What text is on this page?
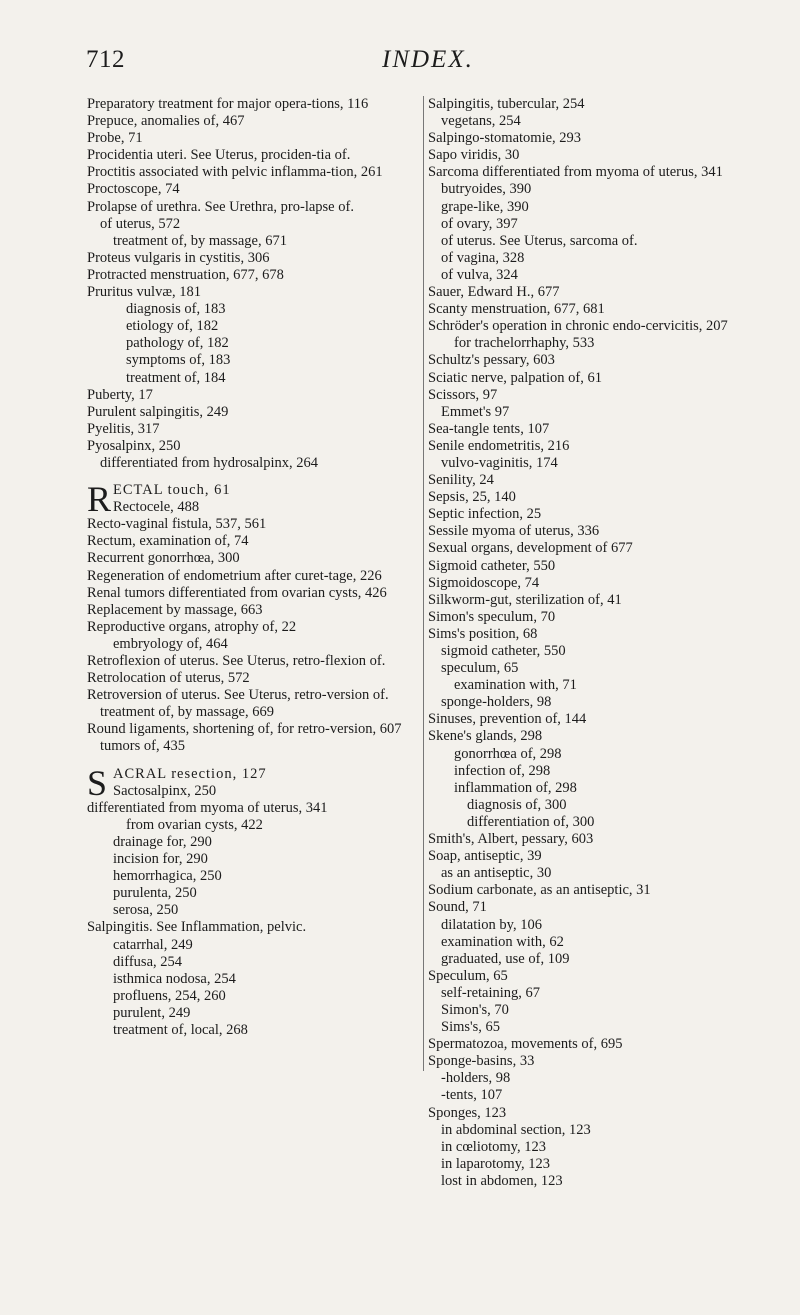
712	INDEX.
Preparatory treatment for major opera-tions, 116
Prepuce, anomalies of, 467
Probe, 71
Procidentia uteri. See Uterus, prociden-tia of.
Proctitis associated with pelvic inflamma-tion, 261
Proctoscope, 74
Prolapse of urethra. See Urethra, pro-lapse of.
of uterus, 572
treatment of, by massage, 671
Proteus vulgaris in cystitis, 306
Protracted menstruation, 677, 678
Pruritus vulvæ, 181
diagnosis of, 183
etiology of, 182
pathology of, 182
symptoms of, 183
treatment of, 184
Puberty, 17
Purulent salpingitis, 249
Pyelitis, 317
Pyosalpinx, 250
differentiated from hydrosalpinx, 264
R ECTAL touch, 61
Rectocele, 488
Recto-vaginal fistula, 537, 561
Rectum, examination of, 74
Recurrent gonorrhœa, 300
Regeneration of endometrium after curet-tage, 226
Renal tumors differentiated from ovarian cysts, 426
Replacement by massage, 663
Reproductive organs, atrophy of, 22
embryology of, 464
Retroflexion of uterus. See Uterus, retro-flexion of.
Retrolocation of uterus, 572
Retroversion of uterus. See Uterus, retro-version of.
treatment of, by massage, 669
Round ligaments, shortening of, for retro-version, 607
tumors of, 435
S ACRAL resection, 127
Sactosalpinx, 250
differentiated from myoma of uterus, 341
from ovarian cysts, 422
drainage for, 290
incision for, 290
hemorrhagica, 250
purulenta, 250
serosa, 250
Salpingitis. See Inflammation, pelvic.
catarrhal, 249
diffusa, 254
isthmica nodosa, 254
profluens, 254, 260
purulent, 249
treatment of, local, 268
Salpingitis, tubercular, 254
vegetans, 254
Salpingo-stomatomie, 293
Sapo viridis, 30
Sarcoma differentiated from myoma of uterus, 341
butryoides, 390
grape-like, 390
of ovary, 397
of uterus. See Uterus, sarcoma of.
of vagina, 328
of vulva, 324
Sauer, Edward H., 677
Scanty menstruation, 677, 681
Schröder's operation in chronic endo-cervicitis, 207
for trachelorrhaphy, 533
Schultz's pessary, 603
Sciatic nerve, palpation of, 61
Scissors, 97
Emmet's 97
Sea-tangle tents, 107
Senile endometritis, 216
vulvo-vaginitis, 174
Senility, 24
Sepsis, 25, 140
Septic infection, 25
Sessile myoma of uterus, 336
Sexual organs, development of 677
Sigmoid catheter, 550
Sigmoidoscope, 74
Silkworm-gut, sterilization of, 41
Simon's speculum, 70
Sims's position, 68
sigmoid catheter, 550
speculum, 65
examination with, 71
sponge-holders, 98
Sinuses, prevention of, 144
Skene's glands, 298
gonorrhœa of, 298
infection of, 298
inflammation of, 298
diagnosis of, 300
differentiation of, 300
Smith's, Albert, pessary, 603
Soap, antiseptic, 39
as an antiseptic, 30
Sodium carbonate, as an antiseptic, 31
Sound, 71
dilatation by, 106
examination with, 62
graduated, use of, 109
Speculum, 65
self-retaining, 67
Simon's, 70
Sims's, 65
Spermatozoa, movements of, 695
Sponge-basins, 33
-holders, 98
-tents, 107
Sponges, 123
in abdominal section, 123
in cœliotomy, 123
in laparotomy, 123
lost in abdomen, 123
